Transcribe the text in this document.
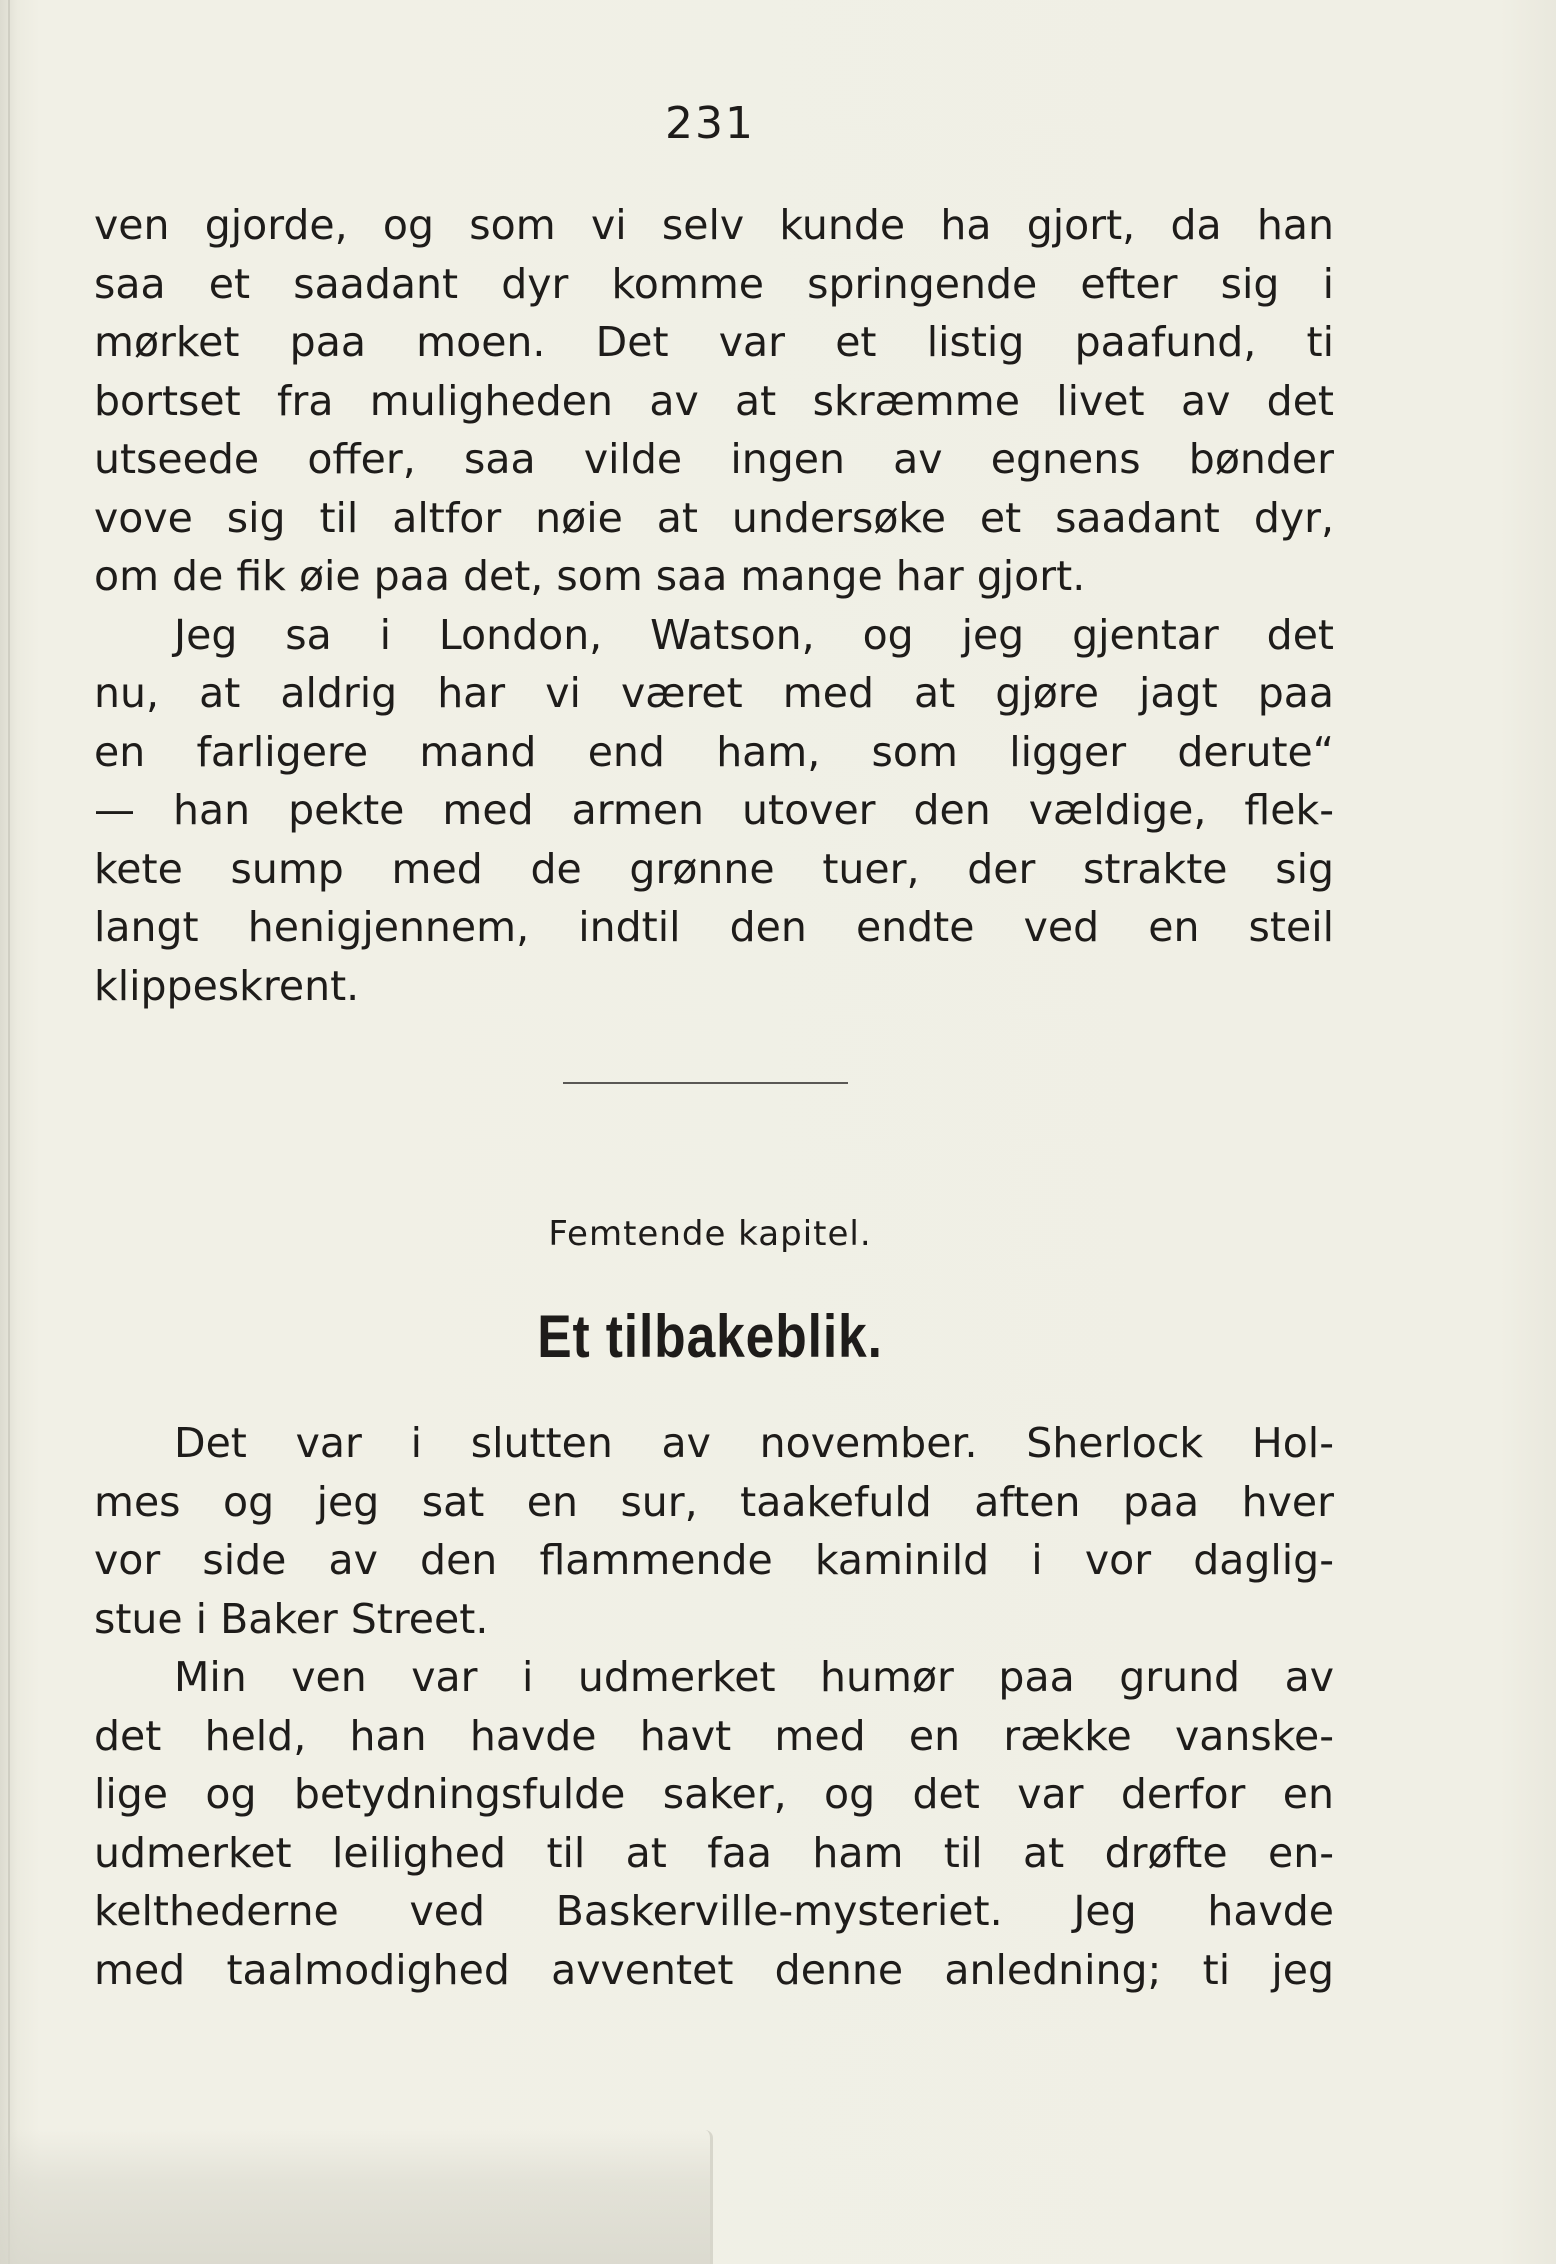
231
ven gjorde, og som vi selv kunde ha gjort, da han
saa et saadant dyr komme springende efter sig i
mørket paa moen. Det var et listig paafund, ti
bortset fra muligheden av at skræmme livet av det
utseede offer, saa vilde ingen av egnens bønder
vove sig til altfor nøie at undersøke et saadant dyr,
om de fik øie paa det, som saa mange har gjort.
Jeg sa i London, Watson, og jeg gjentar det
nu, at aldrig har vi været med at gjøre jagt paa
en farligere mand end ham, som ligger derute“
— han pekte med armen utover den vældige, flek-
kete sump med de grønne tuer, der strakte sig
langt henigjennem, indtil den endte ved en steil
klippeskrent.
Femtende kapitel.
Et tilbakeblik.
Det var i slutten av november. Sherlock Hol-
mes og jeg sat en sur, taakefuld aften paa hver
vor side av den flammende kaminild i vor daglig-
stue i Baker Street.
Min ven var i udmerket humør paa grund av
det held, han havde havt med en række vanske-
lige og betydningsfulde saker, og det var derfor en
udmerket leilighed til at faa ham til at drøfte en-
kelthederne ved Baskerville-mysteriet. Jeg havde
med taalmodighed avventet denne anledning; ti jeg
